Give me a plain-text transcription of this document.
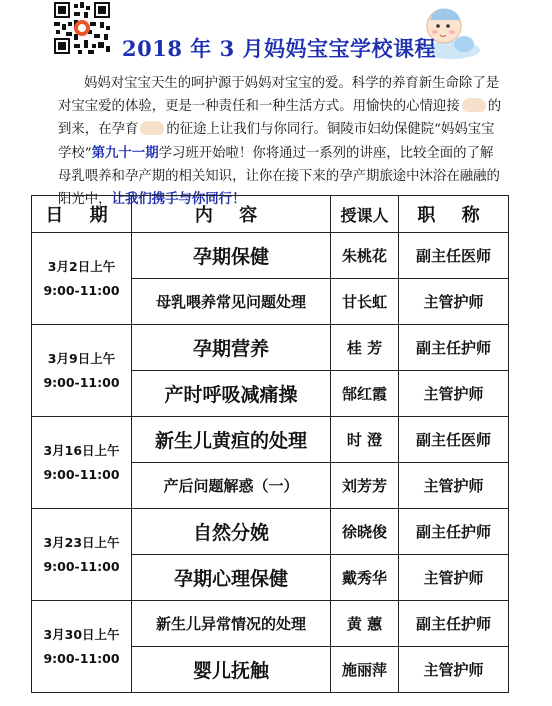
2018 年 3 月妈妈宝宝学校课程
妈妈对宝宝天生的呵护源于妈妈对宝宝的爱。科学的养育新生命除了是对宝宝爱的体验，更是一种责任和一种生活方式。用愉快的心情迎接 的到来，在孕育 的征途上让我们与你同行。铜陵市妇幼保健院“妈妈宝宝学校”第九十一期学习班开始啦！你将通过一系列的讲座，比较全面的了解母乳喂养和孕产期的相关知识，让你在接下来的孕产期旅途中沐浴在融融的阳光中，让我们携手与你同行！
日 期	内 容	授课人	职 称

3月2日上午
9:00-11:00	孕期保健	朱桃花	副主任医师
	母乳喂养常见问题处理	甘长虹	主管护师

3月9日上午
9:00-11:00	孕期营养	桂 芳	副主任护师
	产时呼吸减痛操	郜红霞	主管护师

3月16日上午
9:00-11:00	新生儿黄疸的处理	时 澄	副主任医师
	产后问题解惑（一）	刘芳芳	主管护师

3月23日上午
9:00-11:00	自然分娩	徐晓俊	副主任护师
	孕期心理保健	戴秀华	主管护师

3月30日上午
9:00-11:00	新生儿异常情况的处理	黄 蕙	副主任护师
	婴儿抚触	施丽萍	主管护师
